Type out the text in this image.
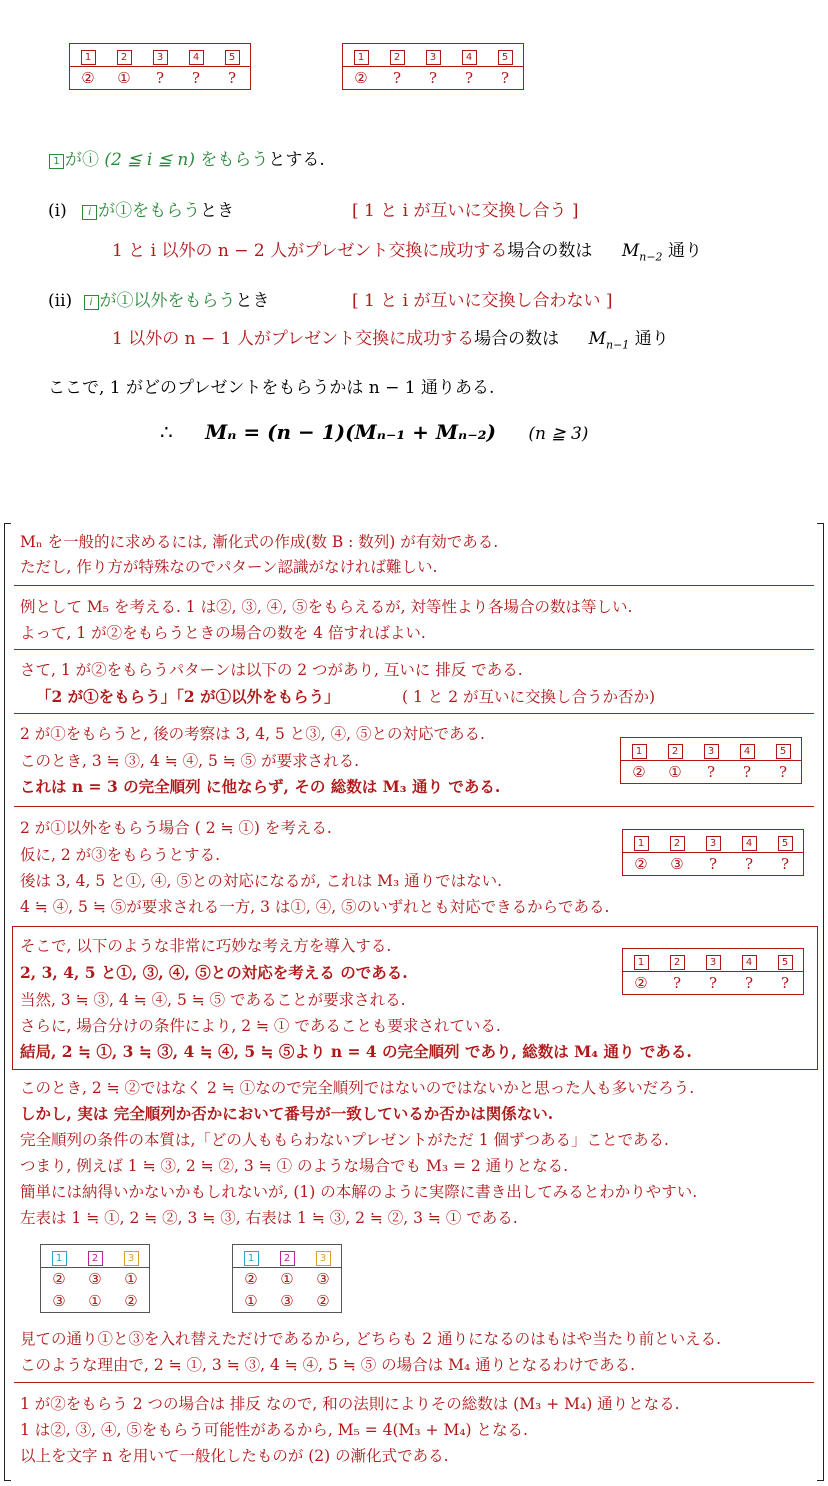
1	2	3	4	5
②	①	?	?	?
1	2	3	4	5
②	?	?	?	?
1 がⓘ (2 ≦ i ≦ n) をもらうとする.
(i) i が①をもらうとき	[ 1 と i が互いに交換し合う ]
1 と i 以外の n − 2 人がプレゼント交換に成功する場合の数は $M_{n-2}$ 通り
(ii) i が①以外をもらうとき	[ 1 と i が互いに交換し合わない ]
1 以外の n − 1 人がプレゼント交換に成功する場合の数は $M_{n-1}$ 通り
ここで, 1 がどのプレゼントをもらうかは n − 1 通りある.
∴ Mₙ = (n − 1)(Mₙ₋₁ + Mₙ₋₂) (n ≧ 3)
Mₙ を一般的に求めるには, 漸化式の作成(数 B : 数列) が有効である.
ただし, 作り方が特殊なのでパターン認識がなければ難しい.
例として M₅ を考える. 1 は②, ③, ④, ⑤をもらえるが, 対等性より各場合の数は等しい.
よって, 1 が②をもらうときの場合の数を 4 倍すればよい.
さて, 1 が②をもらうパターンは以下の 2 つがあり, 互いに 排反 である.
「2 が①をもらう」「2 が①以外をもらう」	( 1 と 2 が互いに交換し合うか否か)
2 が①をもらうと, 後の考察は 3, 4, 5 と③, ④, ⑤との対応である.
このとき, 3 ≒ ③, 4 ≒ ④, 5 ≒ ⑤ が要求される.
これは n = 3 の完全順列 に他ならず, その 総数は M₃ 通り である.
1	2	3	4	5
②	①	?	?	?
2 が①以外をもらう場合 ( 2 ≒ ①) を考える.
仮に, 2 が③をもらうとする.
後は 3, 4, 5 と①, ④, ⑤との対応になるが, これは M₃ 通りではない.
4 ≒ ④, 5 ≒ ⑤が要求される一方, 3 は①, ④, ⑤のいずれとも対応できるからである.
1	2	3	4	5
②	③	?	?	?
そこで, 以下のような非常に巧妙な考え方を導入する.
2, 3, 4, 5 と①, ③, ④, ⑤との対応を考える のである.
当然, 3 ≒ ③, 4 ≒ ④, 5 ≒ ⑤ であることが要求される.
さらに, 場合分けの条件により, 2 ≒ ① であることも要求されている.
結局, 2 ≒ ①, 3 ≒ ③, 4 ≒ ④, 5 ≒ ⑤より n = 4 の完全順列 であり, 総数は M₄ 通り である.
1	2	3	4	5
②	?	?	?	?
このとき, 2 ≒ ②ではなく 2 ≒ ①なので完全順列ではないのではないかと思った人も多いだろう.
しかし, 実は 完全順列か否かにおいて番号が一致しているか否かは関係ない.
完全順列の条件の本質は,「どの人ももらわないプレゼントがただ 1 個ずつある」ことである.
つまり, 例えば 1 ≒ ③, 2 ≒ ②, 3 ≒ ① のような場合でも M₃ = 2 通りとなる.
簡単には納得いかないかもしれないが, (1) の本解のように実際に書き出してみるとわかりやすい.
左表は 1 ≒ ①, 2 ≒ ②, 3 ≒ ③, 右表は 1 ≒ ③, 2 ≒ ②, 3 ≒ ① である.
1	2	3
②	③	①
③	①	②
1	2	3
②	①	③
①	③	②
見ての通り①と③を入れ替えただけであるから, どちらも 2 通りになるのはもはや当たり前といえる.
このような理由で, 2 ≒ ①, 3 ≒ ③, 4 ≒ ④, 5 ≒ ⑤ の場合は M₄ 通りとなるわけである.
1 が②をもらう 2 つの場合は 排反 なので, 和の法則によりその総数は (M₃ + M₄) 通りとなる.
1 は②, ③, ④, ⑤をもらう可能性があるから, M₅ = 4(M₃ + M₄) となる.
以上を文字 n を用いて一般化したものが (2) の漸化式である.
